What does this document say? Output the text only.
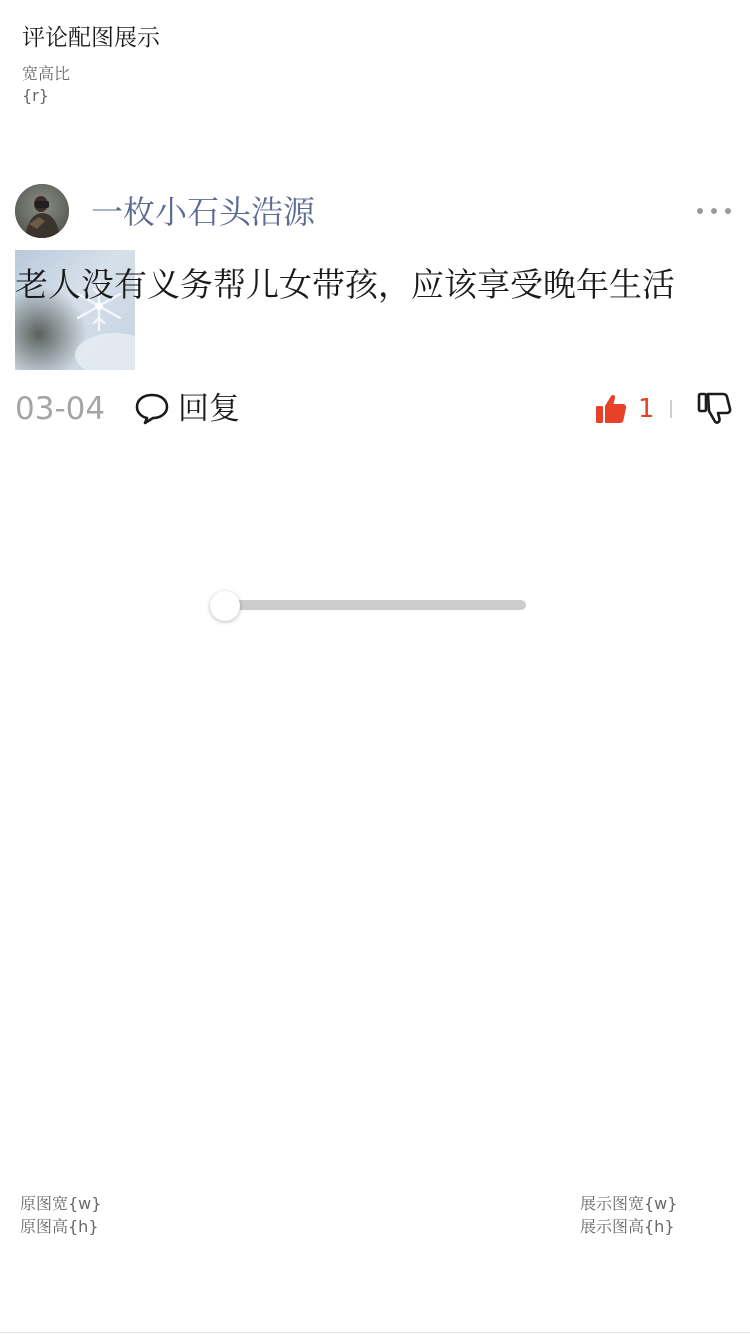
评论配图展示
宽高比
{r}
一枚小石头浩源
老人没有义务帮儿女带孩，应该享受晚年生活
03-04 回复	1
原图宽{w}
原图高{h}
展示图宽{w}
展示图高{h}
